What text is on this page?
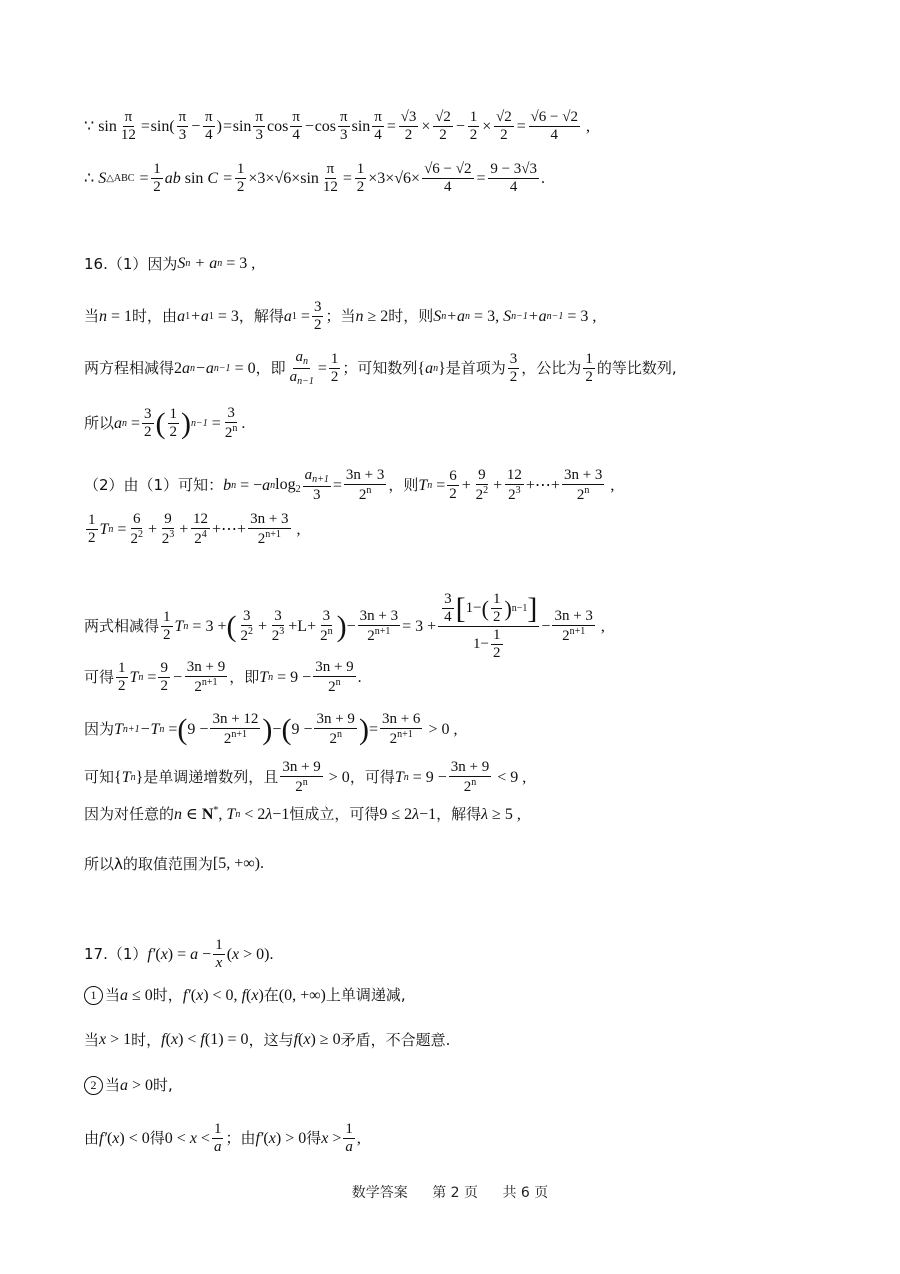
∵
$\sin \frac{\pi}{12} = \sin( \frac{\pi}{3} - \frac{\pi}{4}$ ) = $\sin \frac{\pi}{3}$ $\cos \frac{\pi}{4} - \cos \frac{\pi}{3}$ $\sin \frac{\pi}{4} = \frac{√3}{2} \times \frac{√2}{2} - \frac{1}{2} \times \frac{√2}{2} = \frac{√6 - √2}{4}$ ,
∴ S △ABC = $\frac{1}{2}$ ab $\sin C = \frac{1}{2} \times 3\times√6\times\sin \frac{\pi}{12} = \frac{1}{2} \times 3\times√6\times \frac{√6 - √2}{4} = \frac{9 - 3√3}{4}$ .
16.（1）因为 S n + a n
= 3 ,
当 n = 1 时，由 a 1 +a 1 = 3 ，解得 a $1 = \frac{3}{2}$ ；当 n ≥ 2 时，则 S n +a n = 3, S n−1 +a n−1 = 3 ,
两方程相减得 2 a n −a n−1 = 0 ，即 $\frac{a_n}{a_{n-1}} = \frac{1}{2}$ ；可知数列 { a n } 是首项为 $\frac{3}{2}$ ，公比为 $\frac{1}{2}$ 的等比数列,
所以 a $n = \frac{3}{2}$ ( $\frac{1}{2}$ ) $n-1 = \frac{3}{2^n}$ .
（2）由（1）可知： b n = − a n $\log_2 \frac{a_{n+1}}{3} = \frac{3n + 3}{2^n}$ ，则 T $n = \frac{6}{2} + \frac{9}{2^2} + \frac{12}{2^3}$ +⋯+ $\frac{3n + 3}{2^n}$ ,
$\frac{1}{2}$ T $n = \frac{6}{2^2} + \frac{9}{2^3} + \frac{12}{2^4}$ +⋯+ $\frac{3n + 3}{2^{n+1}}$ ,
两式相减得 $\frac{1}{2}$ T n = 3 + ( $\frac{3}{2^2} + \frac{3}{2^3} +L+ \frac{3}{2^n}$ ) − $\frac{3n + 3}{2^{n+1}} = 3 + \frac{\frac{3}{4} [ 1- ( \frac{1}{2} ) n-1 ]}{1- \frac{1}{2}} - \frac{3n + 3}{2^{n+1}}$ ,
可得 $\frac{1}{2}$ T $n = \frac{9}{2} - \frac{3n + 9}{2^{n+1}}$ ，即 T $n = 9 - \frac{3n + 9}{2^n}$ .
因为 T n+1 −T n = ( $9 - \frac{3n + 12}{2^{n+1}}$ ) − ( $9 - \frac{3n + 9}{2^n}$ ) = $\frac{3n + 6}{2^{n+1}} > 0$ ,
可知 { T n } 是单调递增数列，且 $\frac{3n + 9}{2^n} > 0$ ，可得 T $n = 9 - \frac{3n + 9}{2^n} < 9$ ,
因为对任意的 n ∈ N*, T n < 2 λ −1 恒成立，可得 9 ≤ 2 λ −1 ，解得 λ ≥ 5 ,
所以λ的取值范围为 [5, +∞).
17.（1） f′ ( x ) = $a - \frac{1}{x}$ ( x > 0).
1 当 a ≤ 0 时， f′ ( x ) < 0, f ( x ) 在 (0, +∞) 上单调递减,
当 x > 1 时， f ( x ) < f (1) = 0 ，这与 f ( x ) ≥ 0 矛盾，不合题意.
2 当 a > 0 时,
由 f′ ( x ) < 0 得 $0 < x < \frac{1}{a}$ ；由 f′ ( x ) > 0 得 $x > \frac{1}{a}$ ,
数学答案 第 2 页 共 6 页
